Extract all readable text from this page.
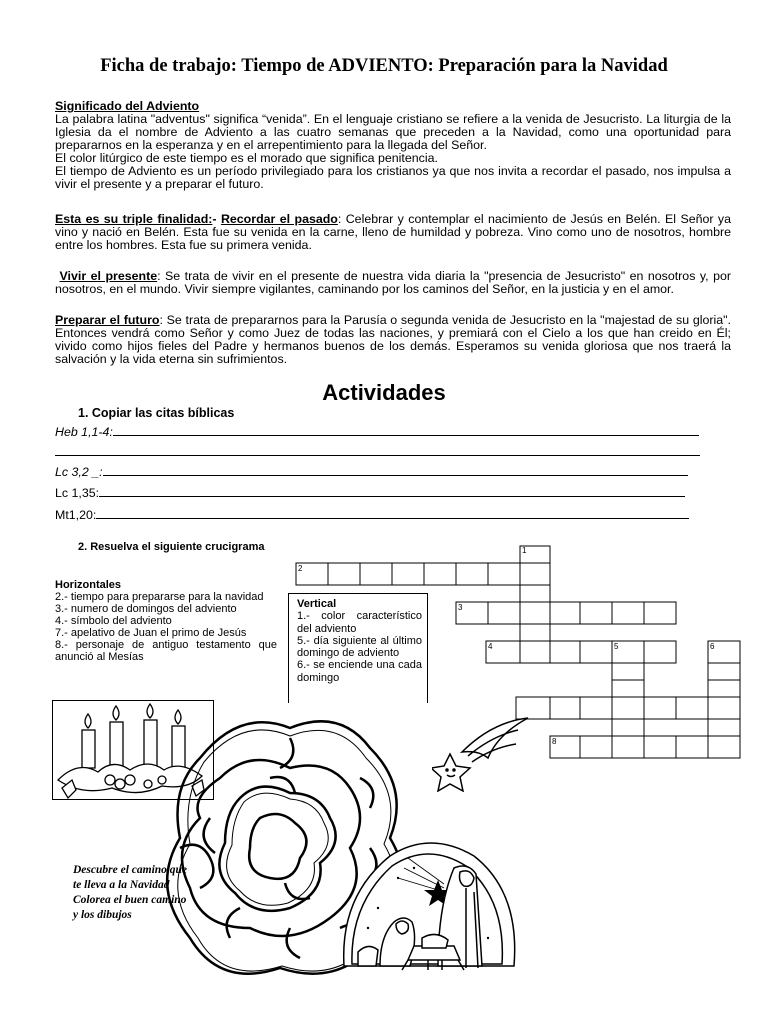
Ficha de trabajo: Tiempo de ADVIENTO: Preparación para la Navidad

Significado del Adviento

La palabra latina "adventus" significa “venida”. En el lenguaje cristiano se refiere a la venida de Jesucristo. La liturgia de la Iglesia da el nombre de Adviento a las cuatro semanas que preceden a la Navidad, como una oportunidad para prepararnos en la esperanza y en el arrepentimiento para la llegada del Señor.

El color litúrgico de este tiempo es el morado que significa penitencia.

El tiempo de Adviento es un período privilegiado para los cristianos ya que nos invita a recordar el pasado, nos impulsa a vivir el presente y a preparar el futuro.

Esta es su triple finalidad:- Recordar el pasado: Celebrar y contemplar el nacimiento de Jesús en Belén. El Señor ya vino y nació en Belén. Esta fue su venida en la carne, lleno de humildad y pobreza. Vino como uno de nosotros, hombre entre los hombres. Esta fue su primera venida.

Vivir el presente: Se trata de vivir en el presente de nuestra vida diaria la "presencia de Jesucristo" en nosotros y, por nosotros, en el mundo. Vivir siempre vigilantes, caminando por los caminos del Señor, en la justicia y en el amor.

Preparar el futuro: Se trata de prepararnos para la Parusía o segunda venida de Jesucristo en la "majestad de su gloria". Entonces vendrá como Señor y como Juez de todas las naciones, y premiará con el Cielo a los que han creido en Él; vivido como hijos fieles del Padre y hermanos buenos de los demás. Esperamos su venida gloriosa que nos traerá la salvación y la vida eterna sin sufrimientos.

Actividades
1. Copiar las citas bíblicas
Heb 1,1-4:
Lc 3,2 _:
Lc 1,35:
Mt1,20:
2. Resuelva el siguiente crucigrama
Horizontales
2.- tiempo para prepararse para la navidad
3.- numero de domingos del adviento
4.- símbolo del adviento
7.- apelativo de Juan el primo de Jesús
8.- personaje de antiguo testamento que anunció al Mesías
Vertical
1.- color característico del adviento
5.- día siguiente al último domingo de adviento
6.- se enciende una cada domingo
1
2
3
4	5	6
8
Descubre el camino que te lleva a la Navidad
Colorea el buen camino y los dibujos
